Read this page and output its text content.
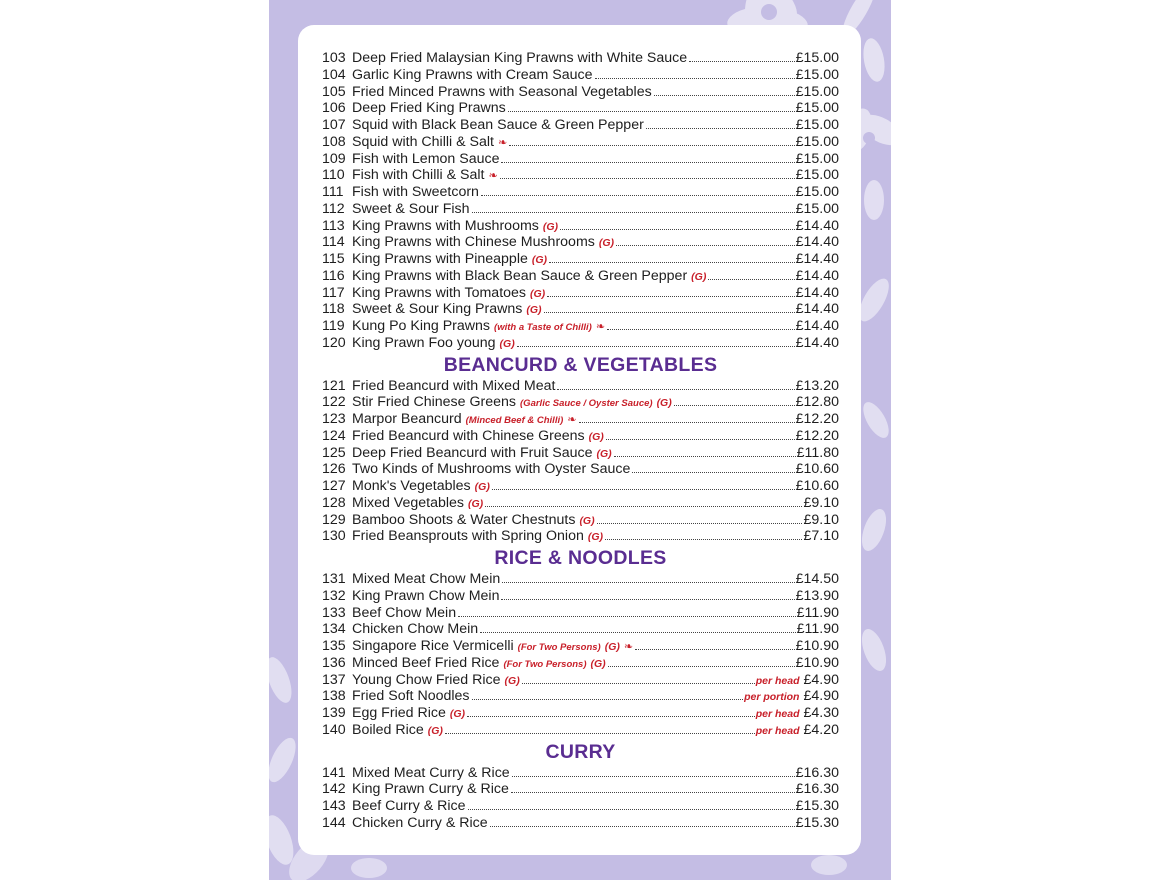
103 Deep Fried Malaysian King Prawns with White Sauce	£15.00
104 Garlic King Prawns with Cream Sauce	£15.00
105 Fried Minced Prawns with Seasonal Vegetables	£15.00
106 Deep Fried King Prawns	£15.00
107 Squid with Black Bean Sauce & Green Pepper	£15.00
108 Squid with Chilli & Salt ❧	£15.00
109 Fish with Lemon Sauce	£15.00
110 Fish with Chilli & Salt ❧	£15.00
111 Fish with Sweetcorn	£15.00
112 Sweet & Sour Fish	£15.00
113 King Prawns with Mushrooms (G)	£14.40
114 King Prawns with Chinese Mushrooms (G)	£14.40
115 King Prawns with Pineapple (G)	£14.40
116 King Prawns with Black Bean Sauce & Green Pepper (G)	£14.40
117 King Prawns with Tomatoes (G)	£14.40
118 Sweet & Sour King Prawns (G)	£14.40
119 Kung Po King Prawns (with a Taste of Chilli) ❧	£14.40
120 King Prawn Foo young (G)	£14.40
BEANCURD & VEGETABLES
121 Fried Beancurd with Mixed Meat	£13.20
122 Stir Fried Chinese Greens (Garlic Sauce / Oyster Sauce) (G)	£12.80
123 Marpor Beancurd (Minced Beef & Chilli) ❧	£12.20
124 Fried Beancurd with Chinese Greens (G)	£12.20
125 Deep Fried Beancurd with Fruit Sauce (G)	£11.80
126 Two Kinds of Mushrooms with Oyster Sauce	£10.60
127 Monk's Vegetables (G)	£10.60
128 Mixed Vegetables (G)	£9.10
129 Bamboo Shoots & Water Chestnuts (G)	£9.10
130 Fried Beansprouts with Spring Onion (G)	£7.10
RICE & NOODLES
131 Mixed Meat Chow Mein	£14.50
132 King Prawn Chow Mein	£13.90
133 Beef Chow Mein	£11.90
134 Chicken Chow Mein	£11.90
135 Singapore Rice Vermicelli (For Two Persons) (G) ❧	£10.90
136 Minced Beef Fried Rice (For Two Persons) (G)	£10.90
137 Young Chow Fried Rice (G)	per head £4.90
138 Fried Soft Noodles	per portion £4.90
139 Egg Fried Rice (G)	per head £4.30
140 Boiled Rice (G)	per head £4.20
CURRY
141 Mixed Meat Curry & Rice	£16.30
142 King Prawn Curry & Rice	£16.30
143 Beef Curry & Rice	£15.30
144 Chicken Curry & Rice	£15.30
